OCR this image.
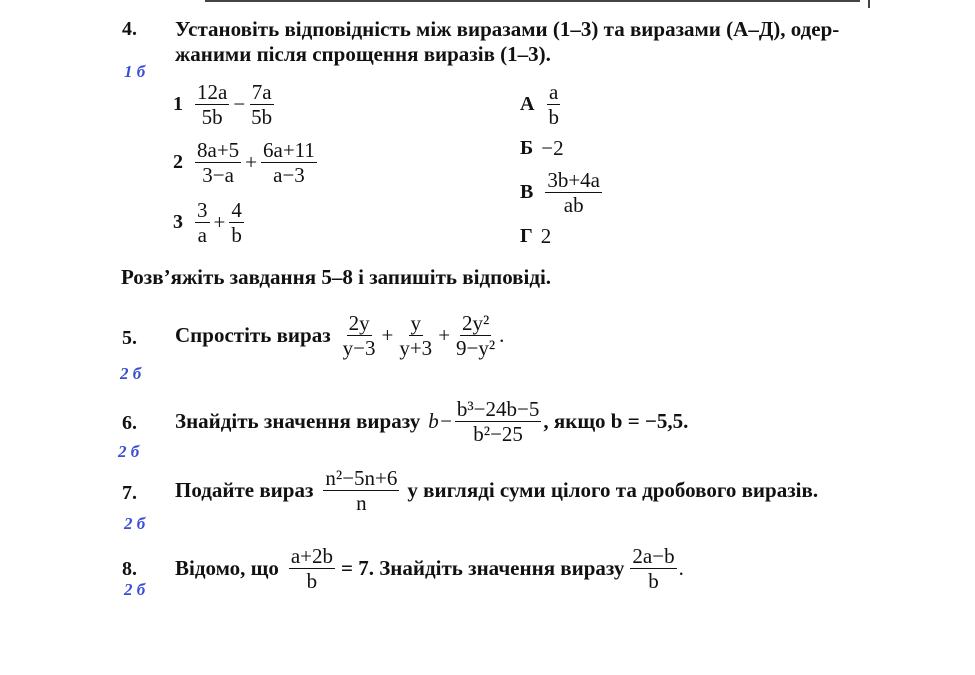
4. Установіть відповідність між виразами (1–3) та виразами (А–Д), одер-
жаними після спрощення виразів (1–3).
1 б
$1 \frac{12a}{5b} - \frac{7a}{5b}$
$2 \frac{8a+5}{3-a} + \frac{6a+11}{a-3}$
$3 \frac{3}{a} + \frac{4}{b}$
А $\frac{a}{b}$
Б −2
В $\frac{3b+4a}{ab}$
Г 2
Розв’яжіть завдання 5–8 і запишіть відповіді.
5.
2 б
Спростіть вираз $\frac{2y}{y-3} + \frac{y}{y+3} + \frac{\text{2y²}}{\text{9−y²}}$ .
6.
2 б
Знайдіть значення виразу $b- \frac{\text{b³−24b−5}}{\text{b²−25}}$ , якщо b = −5,5.
7.
2 б
Подайте вираз $\frac{\text{n²−5n+6}}{n}$ у вигляді суми цілого та дробового виразів.
8.
2 б
Відомо, що $\frac{a+2b}{b} = 7$. Знайдіть значення виразу $\frac{2a-b}{b}$ .
